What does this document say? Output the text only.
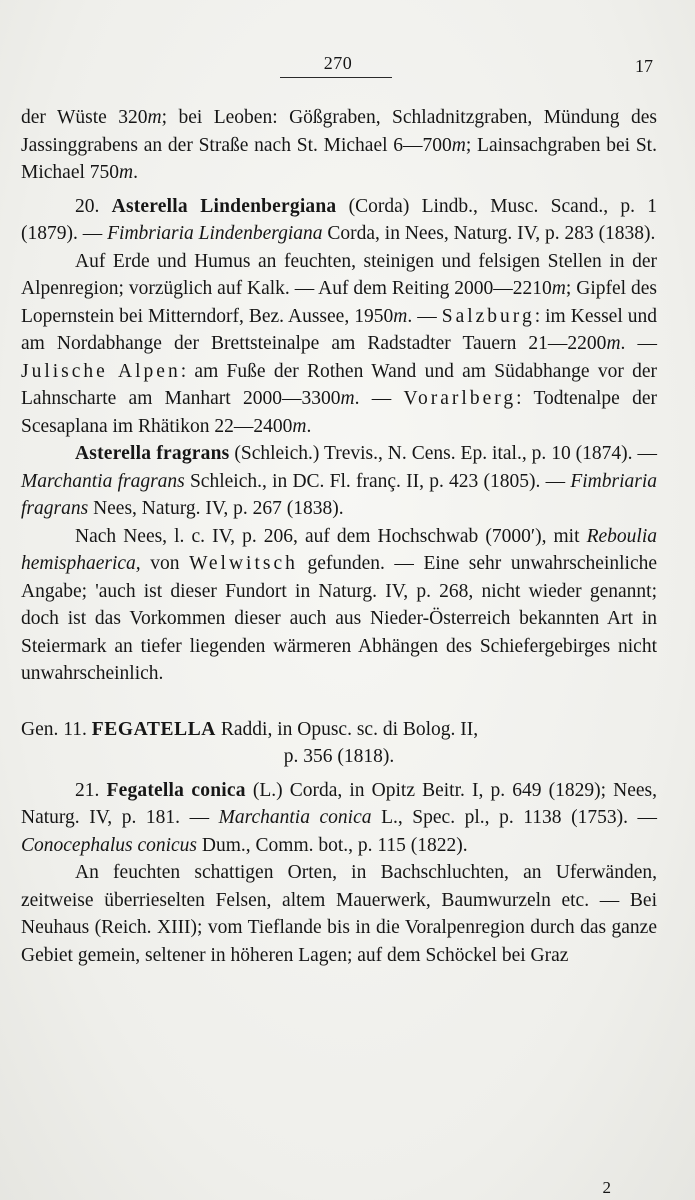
270	17

der Wüste 320m; bei Leoben: Gößgraben, Schladnitzgraben, Mündung des Jassinggrabens an der Straße nach St. Michael 6—700m; Lainsachgraben bei St. Michael 750m.

20. Asterella Lindenbergiana (Corda) Lindb., Musc. Scand., p. 1 (1879). — Fimbriaria Lindenbergiana Corda, in Nees, Naturg. IV, p. 283 (1838).

Auf Erde und Humus an feuchten, steinigen und felsigen Stellen in der Alpenregion; vorzüglich auf Kalk. — Auf dem Reiting 2000—2210m; Gipfel des Lopernstein bei Mitterndorf, Bez. Aussee, 1950m. — Salzburg: im Kessel und am Nordabhange der Brettsteinalpe am Radstadter Tauern 21—2200m. — Julische Alpen: am Fuße der Rothen Wand und am Südabhange vor der Lahnscharte am Manhart 2000—3300m. — Vorarlberg: Todtenalpe der Scesaplana im Rhätikon 22—2400m.

Asterella fragrans (Schleich.) Trevis., N. Cens. Ep. ital., p. 10 (1874). — Marchantia fragrans Schleich., in DC. Fl. franç. II, p. 423 (1805). — Fimbriaria fragrans Nees, Naturg. IV, p. 267 (1838).

Nach Nees, l. c. IV, p. 206, auf dem Hochschwab (7000′), mit Reboulia hemisphaerica, von Welwitsch gefunden. — Eine sehr unwahrscheinliche Angabe; 'auch ist dieser Fundort in Naturg. IV, p. 268, nicht wieder genannt; doch ist das Vorkommen dieser auch aus Nieder-Österreich bekannten Art in Steiermark an tiefer liegenden wärmeren Abhängen des Schiefergebirges nicht unwahrscheinlich.

Gen. 11. FEGATELLA Raddi, in Opusc. sc. di Bolog. II,

p. 356 (1818).

21. Fegatella conica (L.) Corda, in Opitz Beitr. I, p. 649 (1829); Nees, Naturg. IV, p. 181. — Marchantia conica L., Spec. pl., p. 1138 (1753). — Conocephalus conicus Dum., Comm. bot., p. 115 (1822).

An feuchten schattigen Orten, in Bachschluchten, an Uferwänden, zeitweise überrieselten Felsen, altem Mauerwerk, Baumwurzeln etc. — Bei Neuhaus (Reich. XIII); vom Tieflande bis in die Voralpenregion durch das ganze Gebiet gemein, seltener in höheren Lagen; auf dem Schöckel bei Graz

2
